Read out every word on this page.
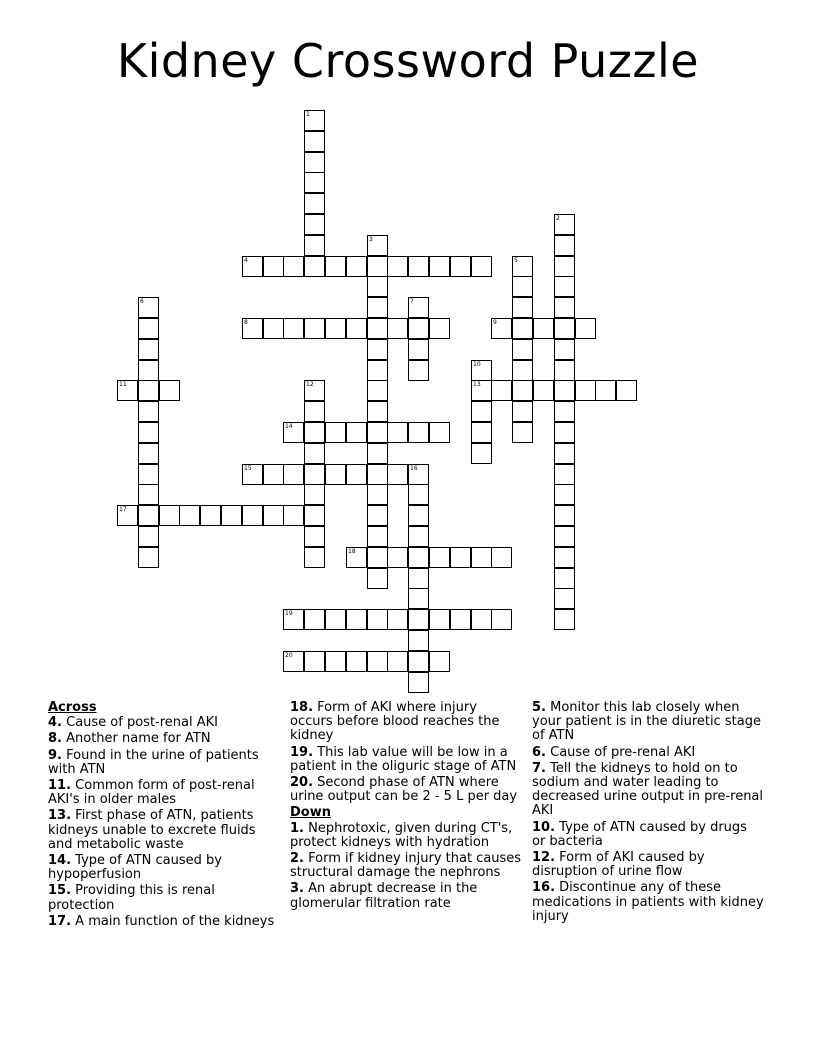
Kidney Crossword Puzzle
1
2
3
4	5
6	7
8	9
10
13
11	12
14
15	16
17
18
19
20
Across
4. Cause of post-renal AKI
8. Another name for ATN
9. Found in the urine of patients with ATN
11. Common form of post-renal AKI's in older males
13. First phase of ATN, patients kidneys unable to excrete fluids and metabolic waste
14. Type of ATN caused by hypoperfusion
15. Providing this is renal protection
17. A main function of the kidneys
18. Form of AKI where injury occurs before blood reaches the kidney
19. This lab value will be low in a patient in the oliguric stage of ATN
20. Second phase of ATN where urine output can be 2 - 5 L per day
Down
1. Nephrotoxic, given during CT's, protect kidneys with hydration
2. Form if kidney injury that causes structural damage the nephrons
3. An abrupt decrease in the glomerular filtration rate
5. Monitor this lab closely when your patient is in the diuretic stage of ATN
6. Cause of pre-renal AKI
7. Tell the kidneys to hold on to sodium and water leading to decreased urine output in pre-renal AKI
10. Type of ATN caused by drugs or bacteria
12. Form of AKI caused by disruption of urine flow
16. Discontinue any of these medications in patients with kidney injury
